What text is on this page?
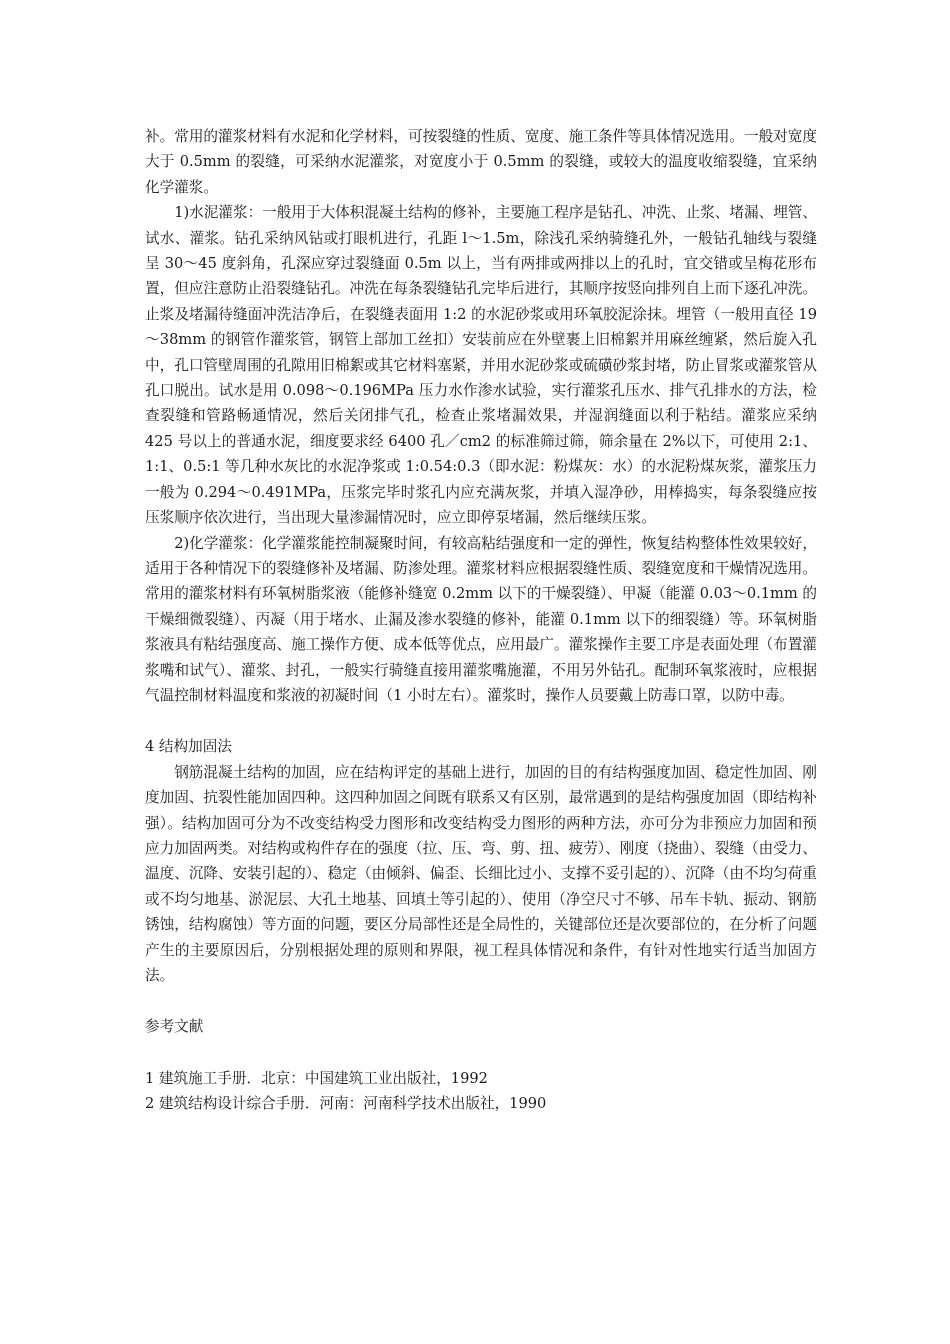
补。常用的灌浆材料有水泥和化学材料，可按裂缝的性质、宽度、施工条件等具体情况选用。一般对宽度大于 0.5mm 的裂缝，可采纳水泥灌浆，对宽度小于 0.5mm 的裂缝，或较大的温度收缩裂缝，宜采纳化学灌浆。

1)水泥灌浆：一般用于大体积混凝土结构的修补，主要施工程序是钻孔、冲洗、止浆、堵漏、埋管、试水、灌浆。钻孔采纳风钻或打眼机进行，孔距 l～1.5m，除浅孔采纳骑缝孔外，一般钻孔轴线与裂缝呈 30～45 度斜角，孔深应穿过裂缝面 0.5m 以上，当有两排或两排以上的孔时，宜交错或呈梅花形布置，但应注意防止沿裂缝钻孔。冲洗在每条裂缝钻孔完毕后进行，其顺序按竖向排列自上而下逐孔冲洗。止浆及堵漏待缝面冲洗洁净后，在裂缝表面用 1:2 的水泥砂浆或用环氧胶泥涂抹。埋管（一般用直径 19～38mm 的钢管作灌浆管，钢管上部加工丝扣）安装前应在外壁裹上旧棉絮并用麻丝缠紧，然后旋入孔中，孔口管壁周围的孔隙用旧棉絮或其它材料塞紧，并用水泥砂浆或硫磺砂浆封堵，防止冒浆或灌浆管从孔口脱出。试水是用 0.098～0.196MPa 压力水作渗水试验，实行灌浆孔压水、排气孔排水的方法，检查裂缝和管路畅通情况，然后关闭排气孔，检查止浆堵漏效果，并湿润缝面以利于粘结。灌浆应采纳 425 号以上的普通水泥，细度要求经 6400 孔／cm2 的标准筛过筛，筛余量在 2%以下，可使用 2:1、1:1、0.5:1 等几种水灰比的水泥净浆或 1:0.54:0.3（即水泥：粉煤灰：水）的水泥粉煤灰浆，灌浆压力一般为 0.294～0.491MPa，压浆完毕时浆孔内应充满灰浆，并填入湿净砂，用棒捣实，每条裂缝应按压浆顺序依次进行，当出现大量渗漏情况时，应立即停泵堵漏，然后继续压浆。

2)化学灌浆：化学灌浆能控制凝聚时间，有较高粘结强度和一定的弹性，恢复结构整体性效果较好，适用于各种情况下的裂缝修补及堵漏、防渗处理。灌浆材料应根据裂缝性质、裂缝宽度和干燥情况选用。常用的灌浆材料有环氧树脂浆液（能修补缝宽 0.2mm 以下的干燥裂缝）、甲凝（能灌 0.03～0.1mm 的干燥细微裂缝）、丙凝（用于堵水、止漏及渗水裂缝的修补，能灌 0.1mm 以下的细裂缝）等。环氧树脂浆液具有粘结强度高、施工操作方便、成本低等优点，应用最广。灌浆操作主要工序是表面处理（布置灌浆嘴和试气）、灌浆、封孔，一般实行骑缝直接用灌浆嘴施灌，不用另外钻孔。配制环氧浆液时，应根据气温控制材料温度和浆液的初凝时间（1 小时左右）。灌浆时，操作人员要戴上防毒口罩，以防中毒。

4 结构加固法

钢筋混凝土结构的加固，应在结构评定的基础上进行，加固的目的有结构强度加固、稳定性加固、刚度加固、抗裂性能加固四种。这四种加固之间既有联系又有区别，最常遇到的是结构强度加固（即结构补强）。结构加固可分为不改变结构受力图形和改变结构受力图形的两种方法，亦可分为非预应力加固和预应力加固两类。对结构或构件存在的强度（拉、压、弯、剪、扭、疲劳）、刚度（挠曲）、裂缝（由受力、温度、沉降、安装引起的）、稳定（由倾斜、偏歪、长细比过小、支撑不妥引起的）、沉降（由不均匀荷重或不均匀地基、淤泥层、大孔土地基、回填土等引起的）、使用（净空尺寸不够、吊车卡轨、振动、钢筋锈蚀，结构腐蚀）等方面的问题，要区分局部性还是全局性的，关键部位还是次要部位的，在分析了问题产生的主要原因后，分别根据处理的原则和界限，视工程具体情况和条件，有针对性地实行适当加固方法。

参考文献

1 建筑施工手册．北京：中国建筑工业出版社，1992

2 建筑结构设计综合手册．河南：河南科学技术出版社，1990
